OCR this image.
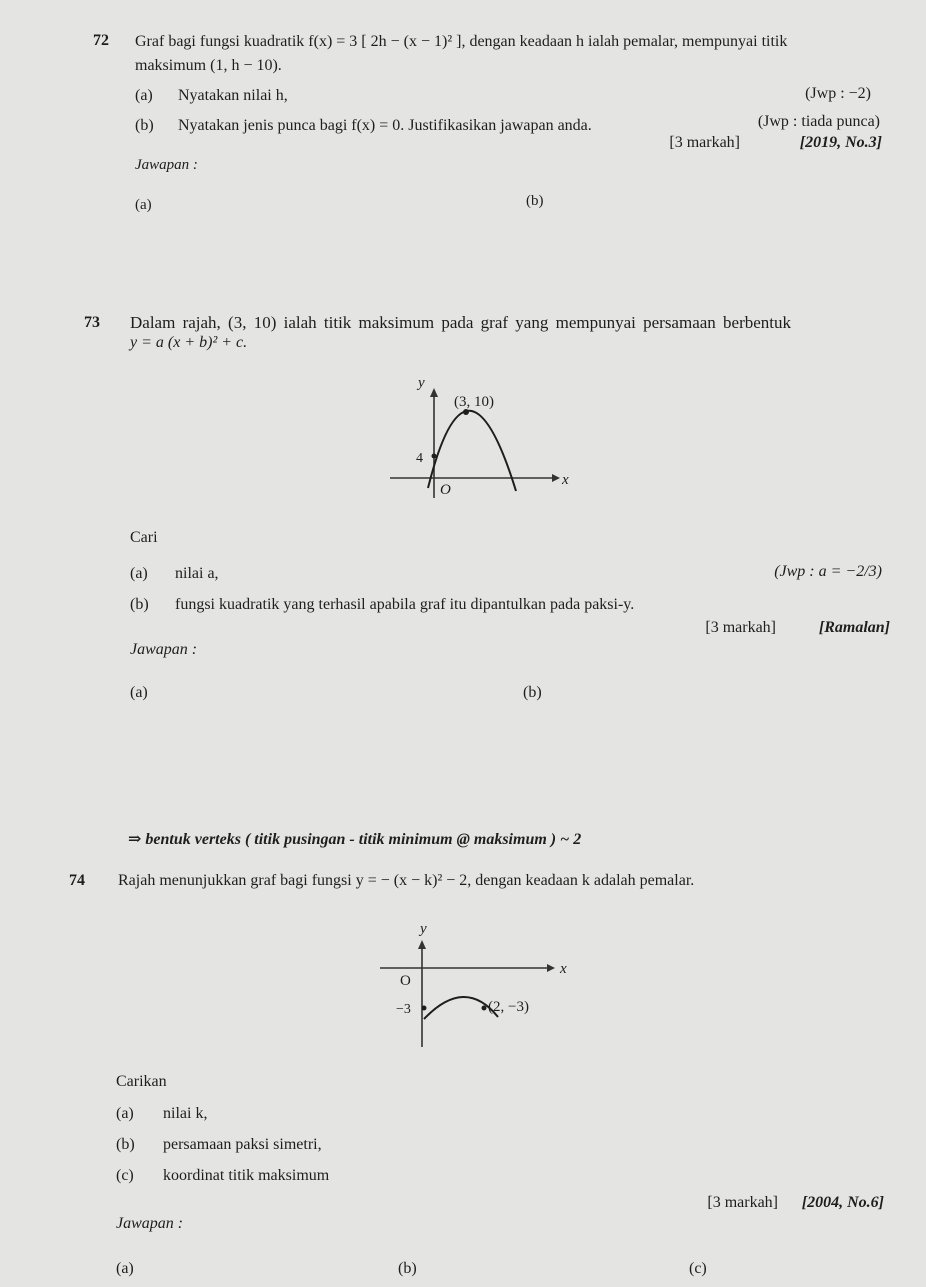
72 Graf bagi fungsi kuadratik f(x) = 3 [ 2h − (x − 1)² ], dengan keadaan h ialah pemalar, mempunyai titik
maksimum (1, h − 10).
(a) Nyatakan nilai h,	(Jwp : −2)
(b) Nyatakan jenis punca bagi f(x) = 0. Justifikasikan jawapan anda.	(Jwp : tiada punca)
[3 markah]	[2019, No.3]
Jawapan :
(a)	(b)
73 Dalam rajah, (3, 10) ialah titik maksimum pada graf yang mempunyai persamaan berbentuk
y = a (x + b)² + c.
y
x
O
(3, 10)
4
Cari
(a) nilai a,	(Jwp : a = −2/3)
(b) fungsi kuadratik yang terhasil apabila graf itu dipantulkan pada paksi-y.
[3 markah]	[Ramalan]
Jawapan :
(a)	(b)
⇒ bentuk verteks ( titik pusingan - titik minimum @ maksimum ) ~ 2
74 Rajah menunjukkan graf bagi fungsi y = − (x − k)² − 2, dengan keadaan k adalah pemalar.
y
x
O
−3	(2, −3)
Carikan
(a) nilai k,
(b) persamaan paksi simetri,
(c) koordinat titik maksimum
[3 markah] [2004, No.6]
Jawapan :
(a)	(b)	(c)
